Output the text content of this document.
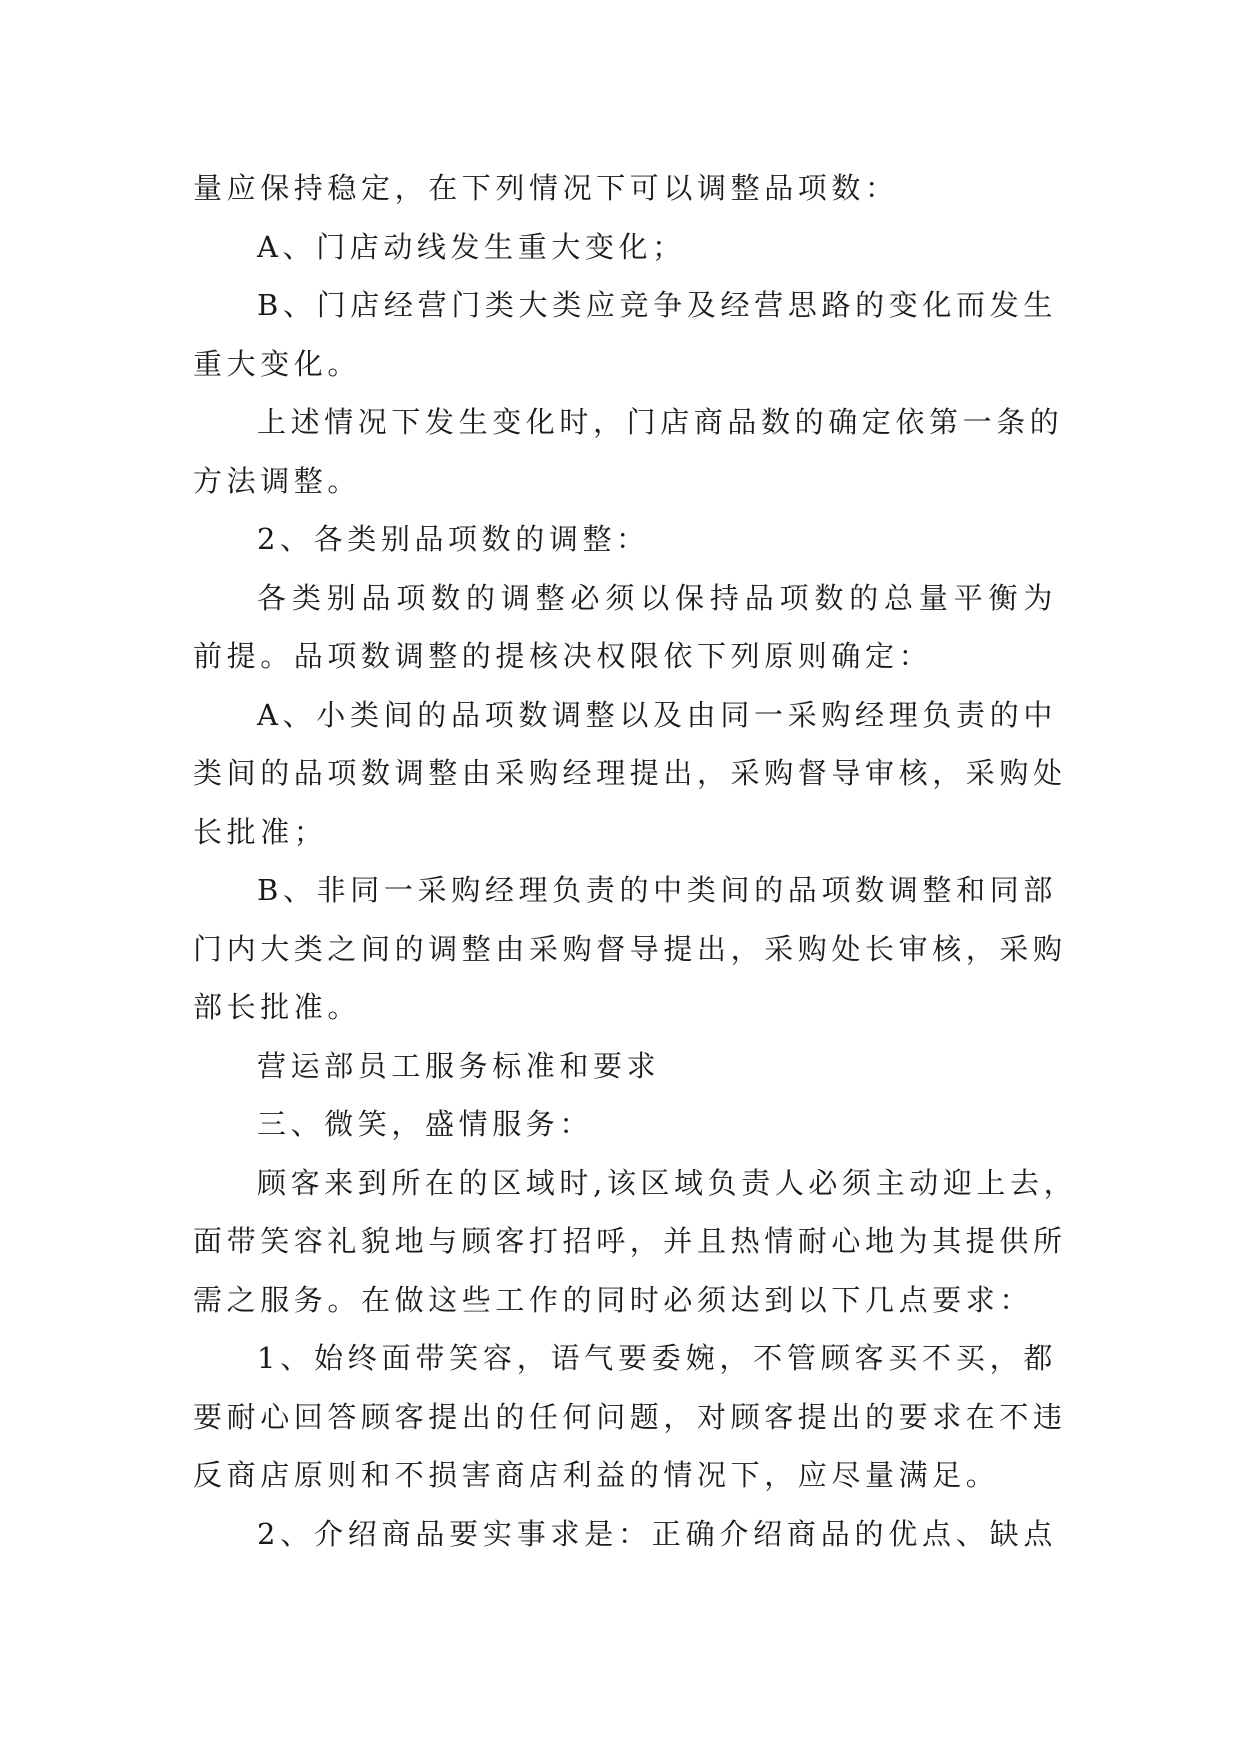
量应保持稳定，在下列情况下可以调整品项数：
A、门店动线发生重大变化；
B、门店经营门类大类应竞争及经营思路的变化而发生
重大变化。
上述情况下发生变化时，门店商品数的确定依第一条的
方法调整。
2、各类别品项数的调整：
各类别品项数的调整必须以保持品项数的总量平衡为
前提。品项数调整的提核决权限依下列原则确定：
A、小类间的品项数调整以及由同一采购经理负责的中
类间的品项数调整由采购经理提出，采购督导审核，采购处
长批准；
B、非同一采购经理负责的中类间的品项数调整和同部
门内大类之间的调整由采购督导提出，采购处长审核，采购
部长批准。
营运部员工服务标准和要求
三、微笑，盛情服务：
顾客来到所在的区域时,该区域负责人必须主动迎上去，
面带笑容礼貌地与顾客打招呼，并且热情耐心地为其提供所
需之服务。在做这些工作的同时必须达到以下几点要求：
1、始终面带笑容，语气要委婉，不管顾客买不买，都
要耐心回答顾客提出的任何问题，对顾客提出的要求在不违
反商店原则和不损害商店利益的情况下，应尽量满足。
2、介绍商品要实事求是：正确介绍商品的优点、缺点
